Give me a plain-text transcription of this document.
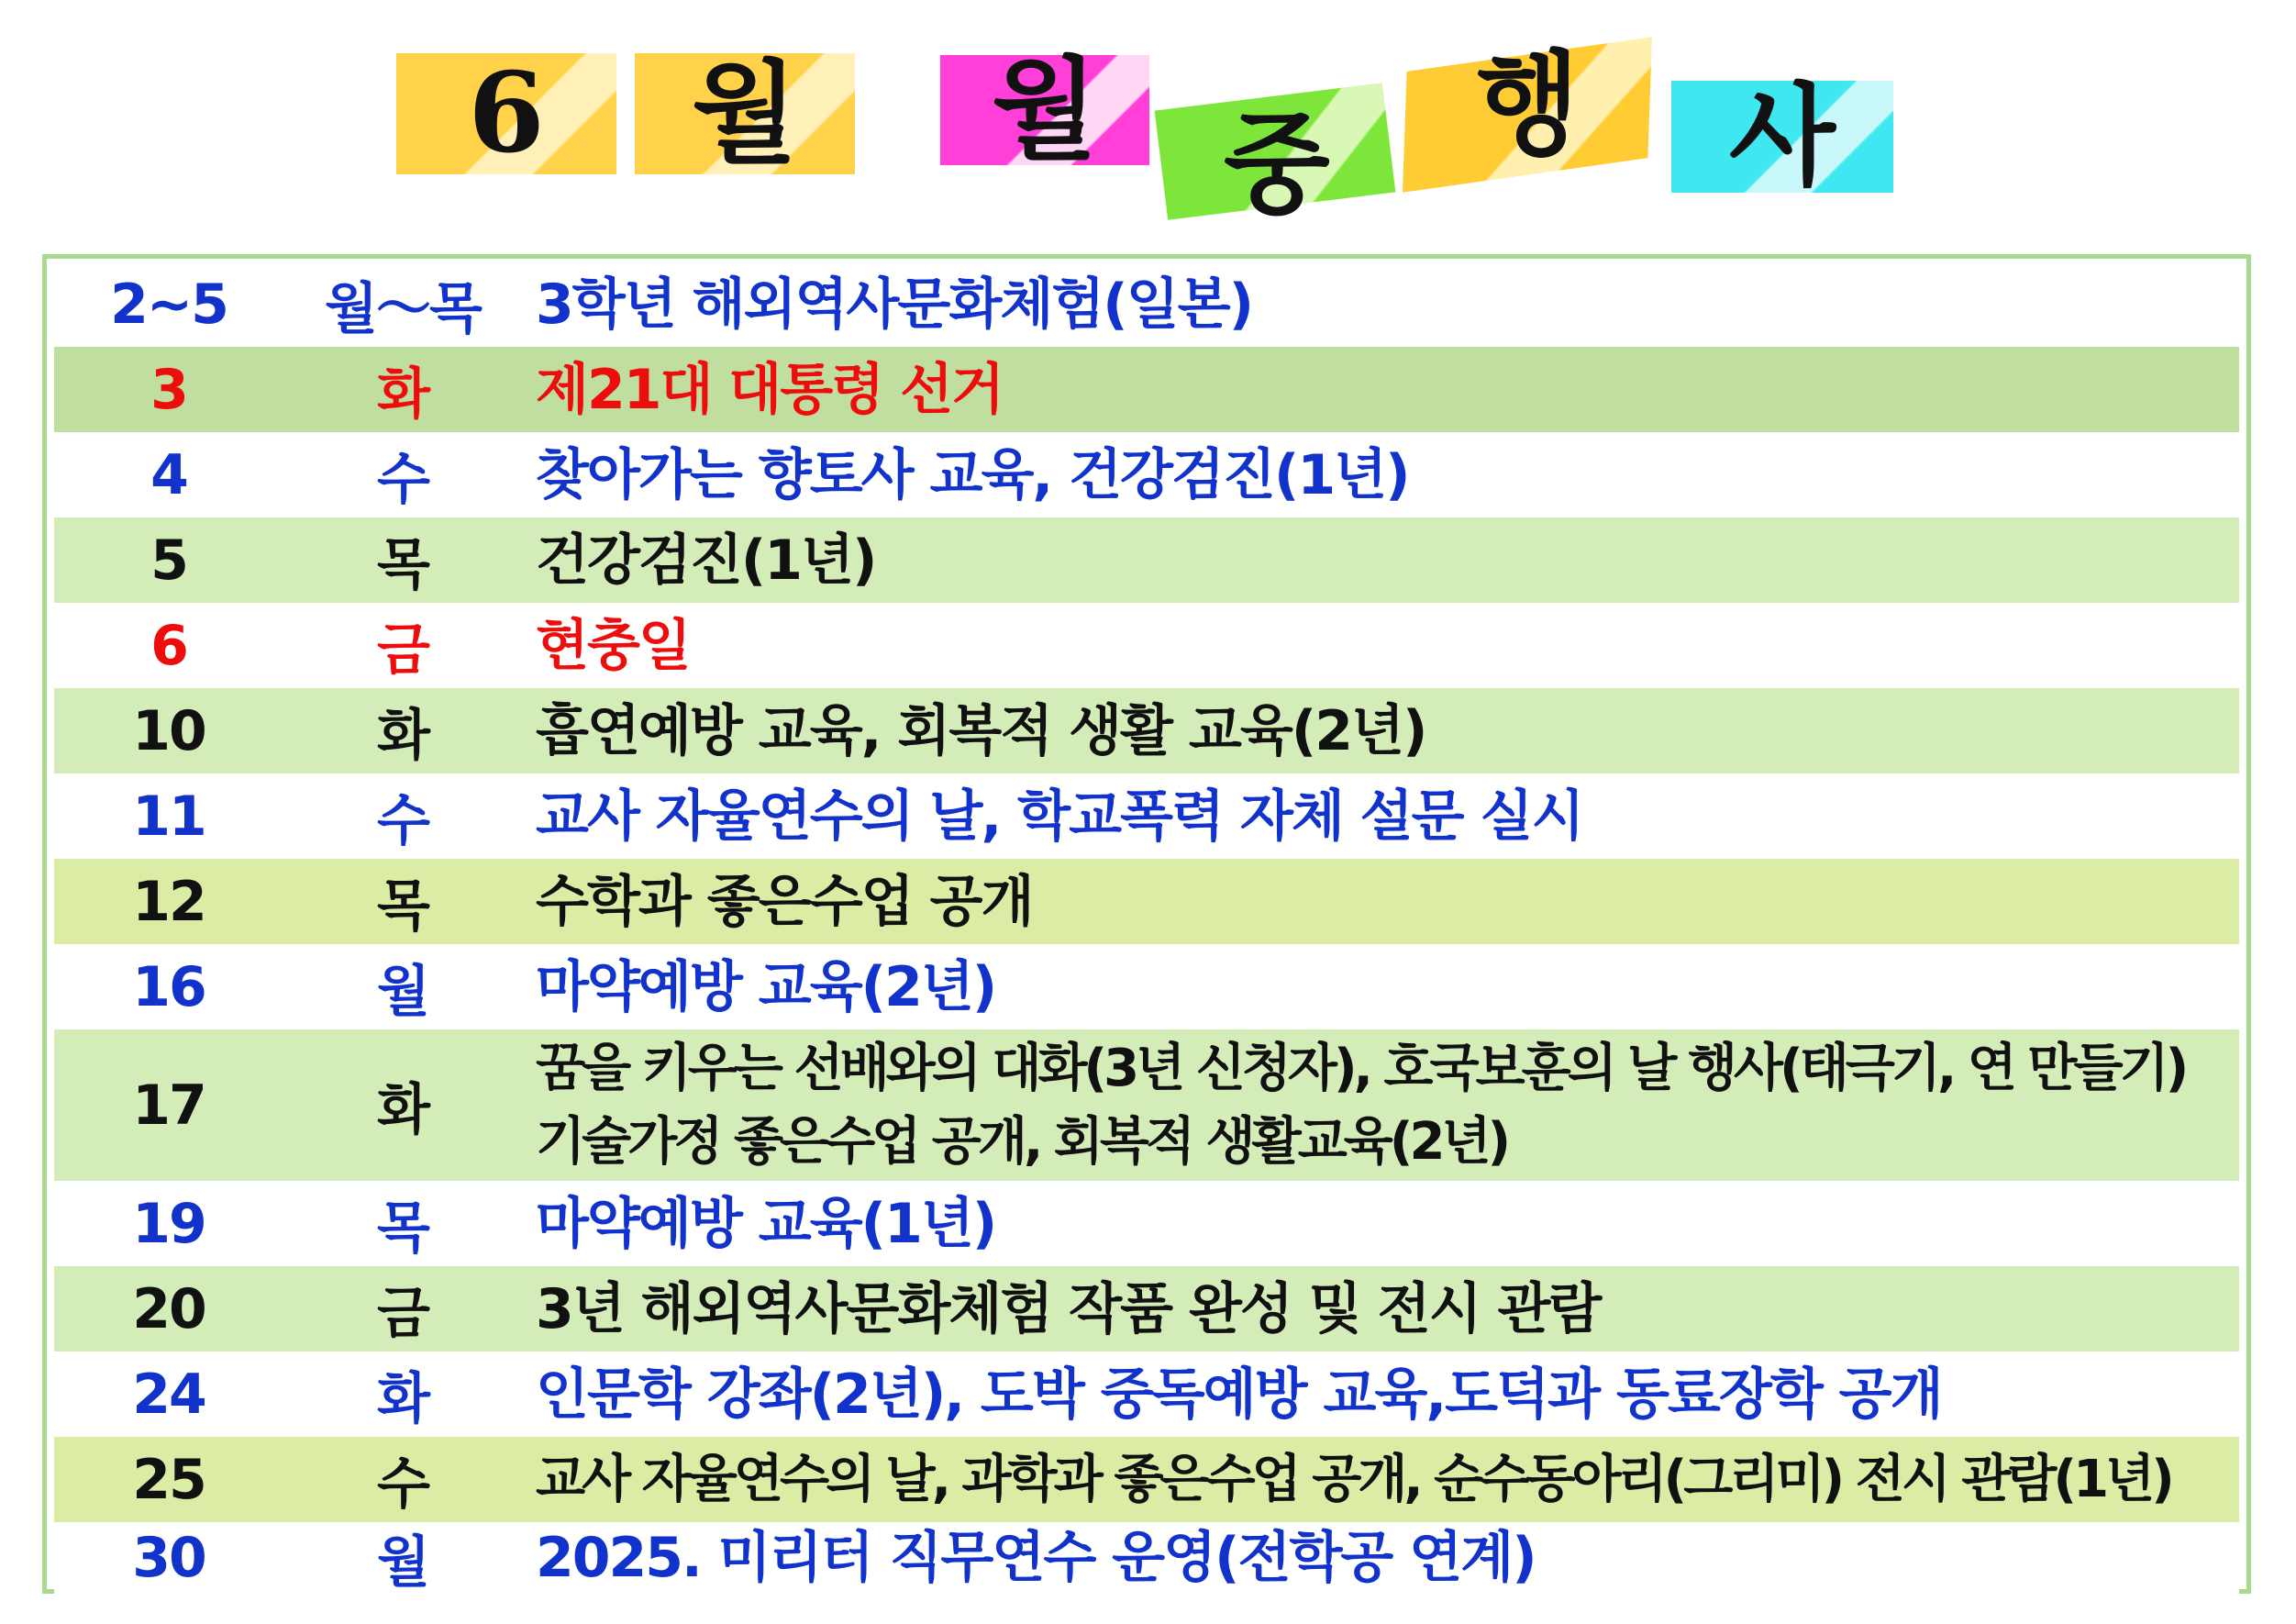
6 월 월 중 행 사
2~5	월～목	3학년 해외역사문화체험(일본)
3	화	제21대 대통령 선거
4	수	찾아가는 향토사 교육, 건강검진(1년)
5	목	건강검진(1년)
6	금	현충일
10	화	흡연예방 교육, 회복적 생활 교육(2년)
11	수	교사 자율연수의 날, 학교폭력 자체 설문 실시
12	목	수학과 좋은수업 공개
16	월	마약예방 교육(2년)
17	화
꿈을 키우는 선배와의 대화(3년 신청자), 호국보훈의 날 행사(태극기, 연 만들기)
기술가정 좋은수업 공개, 회복적 생활교육(2년)
19	목	마약예방 교육(1년)
20	금	3년 해외역사문화체험 작품 완성 및 전시 관람
24	화	인문학 강좌(2년), 도박 중독예방 교육,도덕과 동료장학 공개
25	수	교사 자율연수의 날, 과학과 좋은수업 공개, 순수동아리(그리미) 전시 관람(1년)
30	월	2025. 미리터 직무연수 운영(전학공 연계)
